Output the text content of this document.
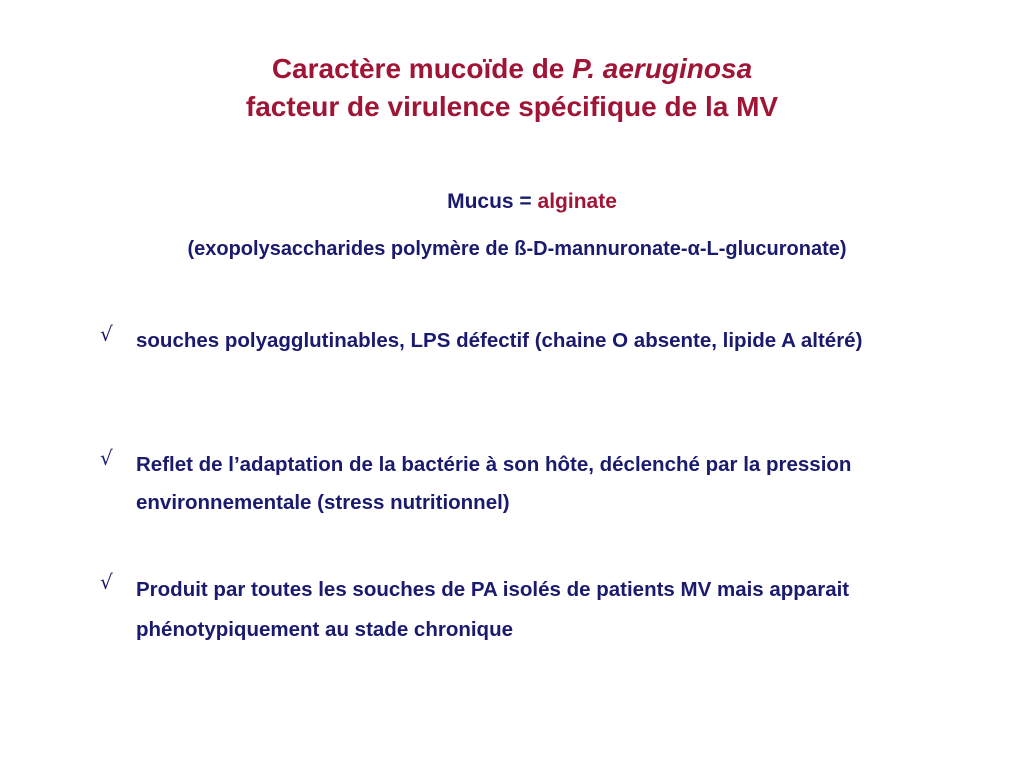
Caractère mucoïde de P. aeruginosa
facteur de virulence spécifique de la MV
Mucus = alginate
(exopolysaccharides polymère de ß-D-mannuronate-α-L-glucuronate)
√	souches polyagglutinables, LPS défectif (chaine O absente, lipide A altéré)
√	Reflet de l’adaptation de la bactérie à son hôte, déclenché par la pression environnementale (stress nutritionnel)
√	Produit par toutes les souches de PA isolés de patients MV mais apparait phénotypiquement au stade chronique
